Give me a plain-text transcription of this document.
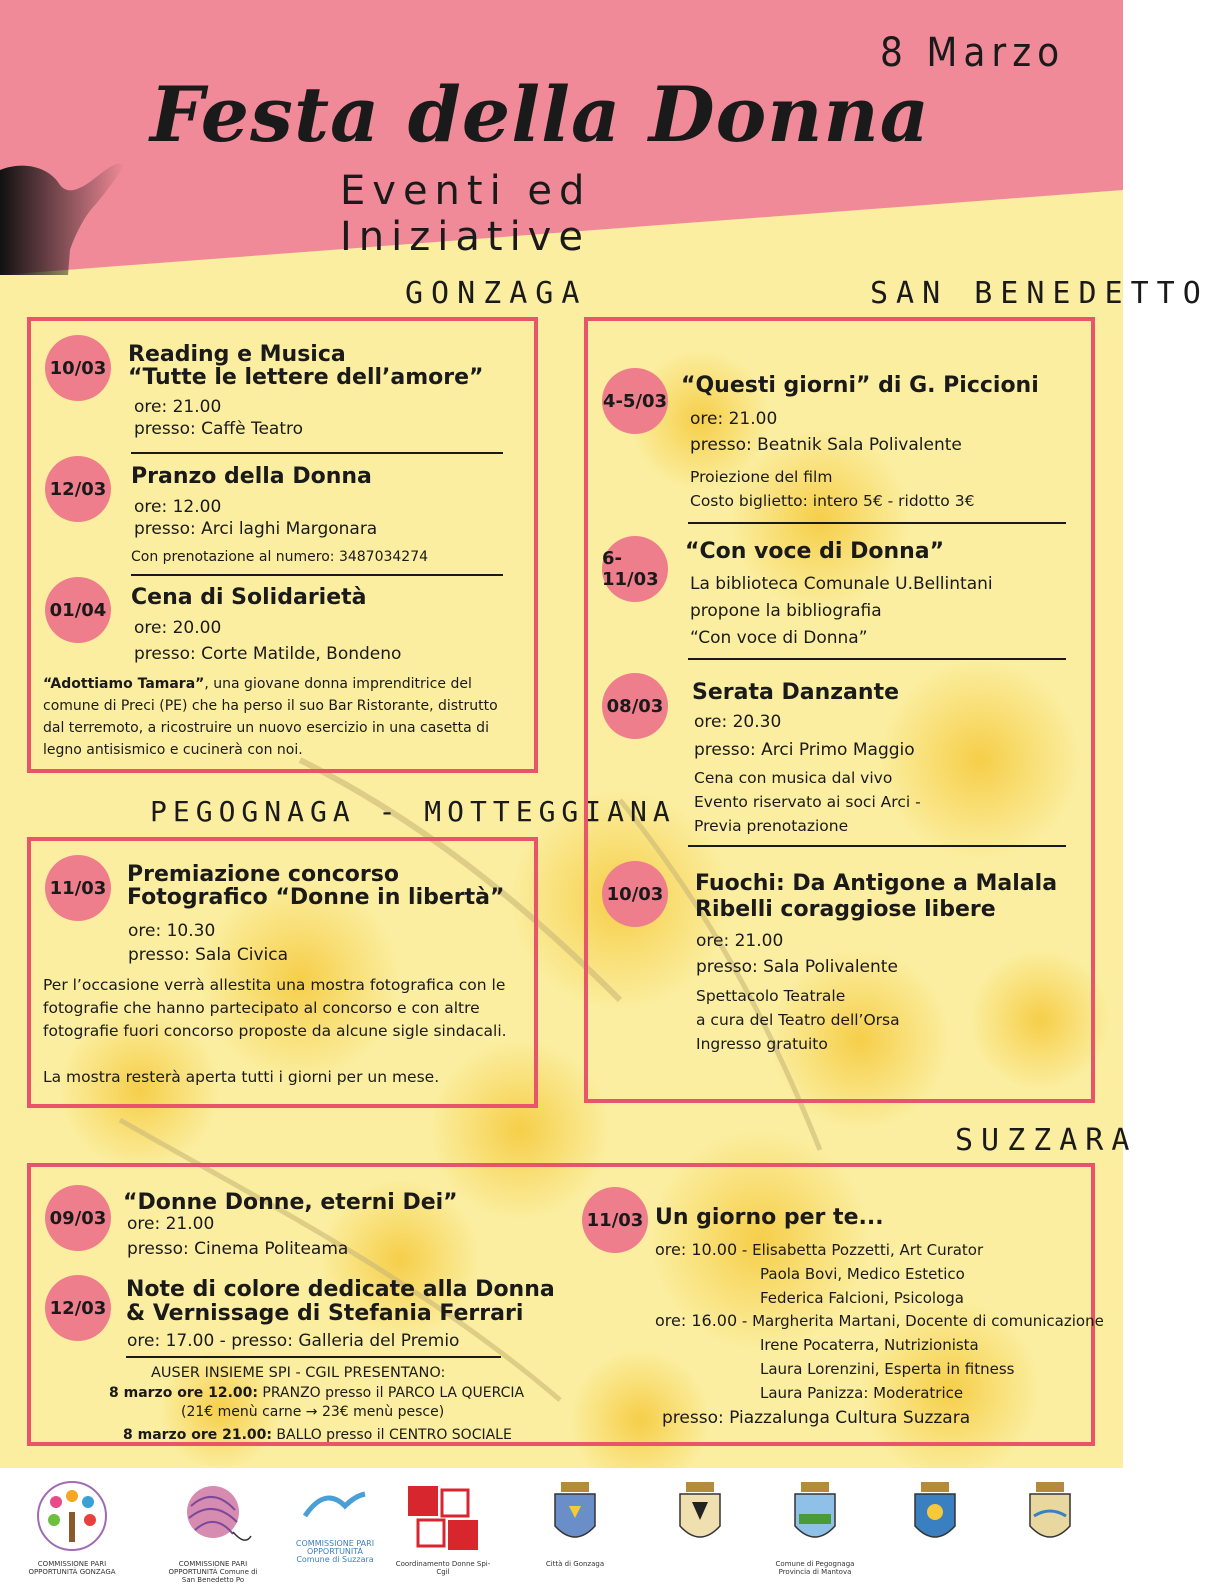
8 Marzo
Festa della Donna
Eventi ed Iniziative
GONZAGA
10/03
Reading e Musica
“Tutte le lettere dell’amore”
ore: 21.00
presso: Caffè Teatro
12/03 Pranzo della Donna
ore: 12.00
presso: Arci laghi Margonara
Con prenotazione al numero: 3487034274
01/04 Cena di Solidarietà
ore: 20.00
presso: Corte Matilde, Bondeno
“Adottiamo Tamara”, una giovane donna imprenditrice del comune di Preci (PE) che ha perso il suo Bar Ristorante, distrutto dal terremoto, a ricostruire un nuovo esercizio in una casetta di legno antisismico e cucinerà con noi.
PEGOGNAGA - MOTTEGGIANA
11/03
Premiazione concorso
Fotografico “Donne in libertà”
ore: 10.30
presso: Sala Civica
Per l’occasione verrà allestita una mostra fotografica con le fotografie che hanno partecipato al concorso e con altre fotografie fuori concorso proposte da alcune sigle sindacali.
La mostra resterà aperta tutti i giorni per un mese.
SAN BENEDETTO
4-5/03
“Questi giorni” di G. Piccioni
ore: 21.00
presso: Beatnik Sala Polivalente
Proiezione del film
Costo biglietto: intero 5€ - ridotto 3€
6-11/03
“Con voce di Donna”
La biblioteca Comunale U.Bellintani
propone la bibliografia
“Con voce di Donna”
08/03
Serata Danzante
ore: 20.30
presso: Arci Primo Maggio
Cena con musica dal vivo
Evento riservato ai soci Arci -
Previa prenotazione
10/03 Fuochi: Da Antigone a Malala
Ribelli coraggiose libere
ore: 21.00
presso: Sala Polivalente
Spettacolo Teatrale
a cura del Teatro dell’Orsa
Ingresso gratuito
SUZZARA
09/03
“Donne Donne, eterni Dei”
ore: 21.00
presso: Cinema Politeama
12/03
Note di colore dedicate alla Donna
& Vernissage di Stefania Ferrari
ore: 17.00 - presso: Galleria del Premio
AUSER INSIEME SPI - CGIL PRESENTANO:
8 marzo ore 12.00: PRANZO presso il PARCO LA QUERCIA
(21€ menù carne → 23€ menù pesce)
8 marzo ore 21.00: BALLO presso il CENTRO SOCIALE
11/03 Un giorno per te...
ore: 10.00 - Elisabetta Pozzetti, Art Curator
Paola Bovi, Medico Estetico
Federica Falcioni, Psicologa
ore: 16.00 - Margherita Martani, Docente di comunicazione
Irene Pocaterra, Nutrizionista
Laura Lorenzini, Esperta in fitness
Laura Panizza: Moderatrice
presso: Piazzalunga Cultura Suzzara
COMMISSIONE PARI OPPORTUNITÀ GONZAGA
COMMISSIONE PARI OPPORTUNITÀ Comune di San Benedetto Po
COMMISSIONE PARI OPPORTUNITÀ Comune di Suzzara	Coordinamento Donne Spi-Cgil
Città di Gonzaga	Comune di Pegognaga Provincia di Mantova
